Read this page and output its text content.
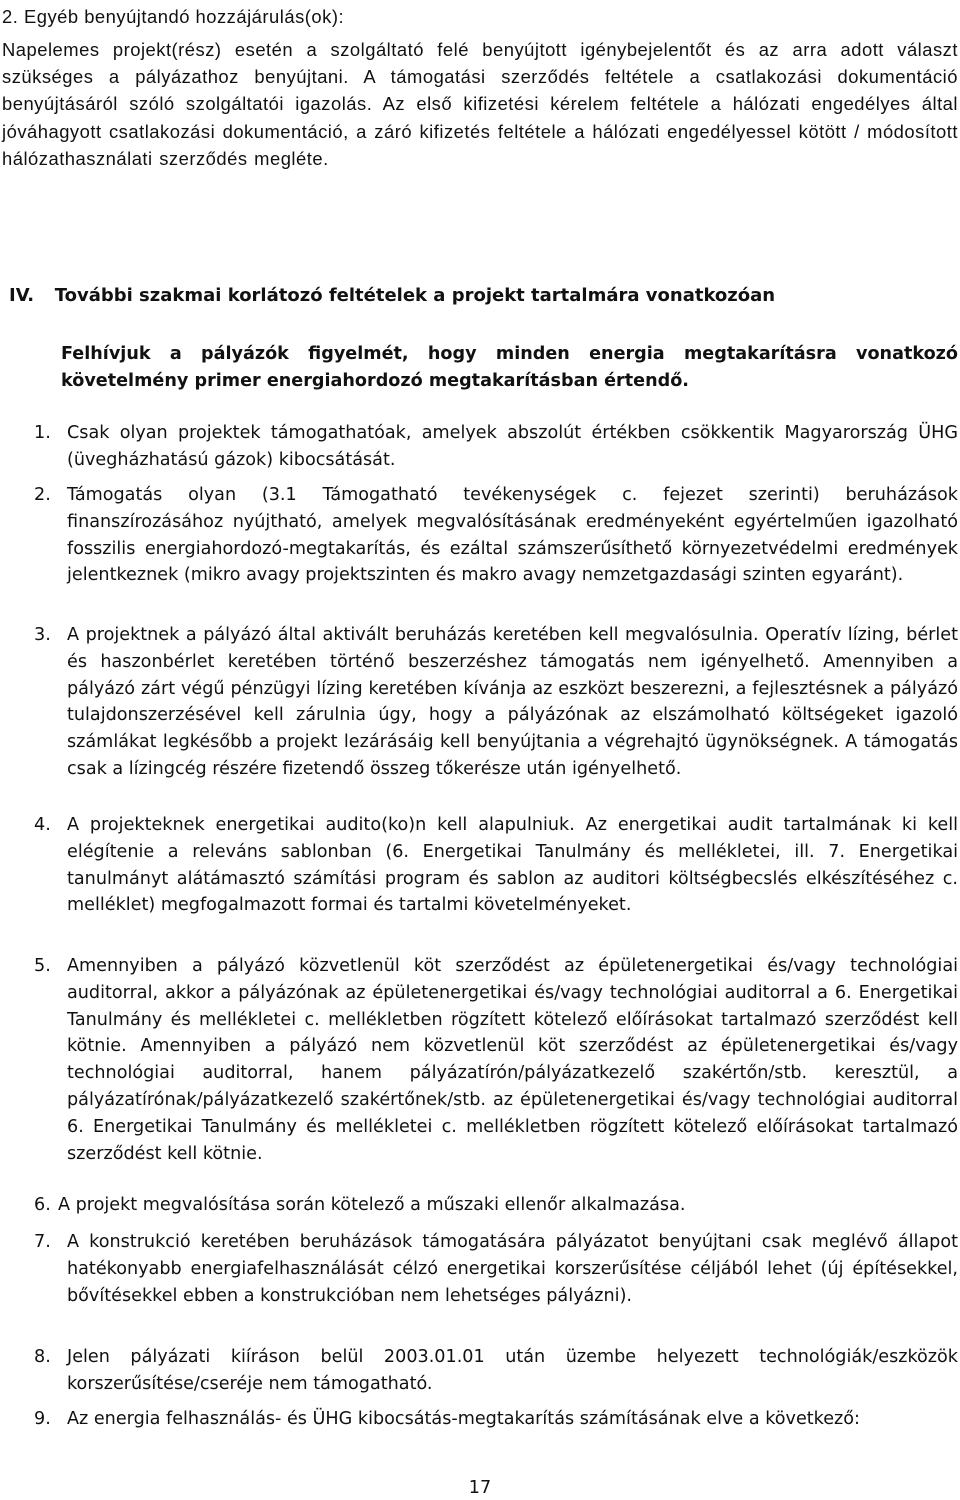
2. Egyéb benyújtandó hozzájárulás(ok):

Napelemes projekt(rész) esetén a szolgáltató felé benyújtott igénybejelentőt és az arra adott választ szükséges a pályázathoz benyújtani. A támogatási szerződés feltétele a csatlakozási dokumentáció benyújtásáról szóló szolgáltatói igazolás. Az első kifizetési kérelem feltétele a hálózati engedélyes által jóváhagyott csatlakozási dokumentáció, a záró kifizetés feltétele a hálózati engedélyessel kötött / módosított hálózathasználati szerződés megléte.

IV. További szakmai korlátozó feltételek a projekt tartalmára vonatkozóan

Felhívjuk a pályázók figyelmét, hogy minden energia megtakarításra vonatkozó követelmény primer energiahordozó megtakarításban értendő.

1. Csak olyan projektek támogathatóak, amelyek abszolút értékben csökkentik Magyarország ÜHG (üvegházhatású gázok) kibocsátását.
2. Támogatás olyan (3.1 Támogatható tevékenységek c. fejezet szerinti) beruházások finanszírozásához nyújtható, amelyek megvalósításának eredményeként egyértelműen igazolható fosszilis energiahordozó-megtakarítás, és ezáltal számszerűsíthető környezetvédelmi eredmények jelentkeznek (mikro avagy projektszinten és makro avagy nemzetgazdasági szinten egyaránt).
3. A projektnek a pályázó által aktivált beruházás keretében kell megvalósulnia. Operatív lízing, bérlet és haszonbérlet keretében történő beszerzéshez támogatás nem igényelhető. Amennyiben a pályázó zárt végű pénzügyi lízing keretében kívánja az eszközt beszerezni, a fejlesztésnek a pályázó tulajdonszerzésével kell zárulnia úgy, hogy a pályázónak az elszámolható költségeket igazoló számlákat legkésőbb a projekt lezárásáig kell benyújtania a végrehajtó ügynökségnek. A támogatás csak a lízingcég részére fizetendő összeg tőkerésze után igényelhető.
4. A projekteknek energetikai audito(ko)n kell alapulniuk. Az energetikai audit tartalmának ki kell elégítenie a releváns sablonban (6. Energetikai Tanulmány és mellékletei, ill. 7. Energetikai tanulmányt alátámasztó számítási program és sablon az auditori költségbecslés elkészítéséhez c. melléklet) megfogalmazott formai és tartalmi követelményeket.
5. Amennyiben a pályázó közvetlenül köt szerződést az épületenergetikai és/vagy technológiai auditorral, akkor a pályázónak az épületenergetikai és/vagy technológiai auditorral a 6. Energetikai Tanulmány és mellékletei c. mellékletben rögzített kötelező előírásokat tartalmazó szerződést kell kötnie. Amennyiben a pályázó nem közvetlenül köt szerződést az épületenergetikai és/vagy technológiai auditorral, hanem pályázatírón/pályázatkezelő szakértőn/stb. keresztül, a pályázatírónak/pályázatkezelő szakértőnek/stb. az épületenergetikai és/vagy technológiai auditorral 6. Energetikai Tanulmány és mellékletei c. mellékletben rögzített kötelező előírásokat tartalmazó szerződést kell kötnie.
6. A projekt megvalósítása során kötelező a műszaki ellenőr alkalmazása.
7. A konstrukció keretében beruházások támogatására pályázatot benyújtani csak meglévő állapot hatékonyabb energiafelhasználását célzó energetikai korszerűsítése céljából lehet (új építésekkel, bővítésekkel ebben a konstrukcióban nem lehetséges pályázni).
8. Jelen pályázati kiíráson belül 2003.01.01 után üzembe helyezett technológiák/eszközök korszerűsítése/cseréje nem támogatható.
9. Az energia felhasználás- és ÜHG kibocsátás-megtakarítás számításának elve a következő:
17
